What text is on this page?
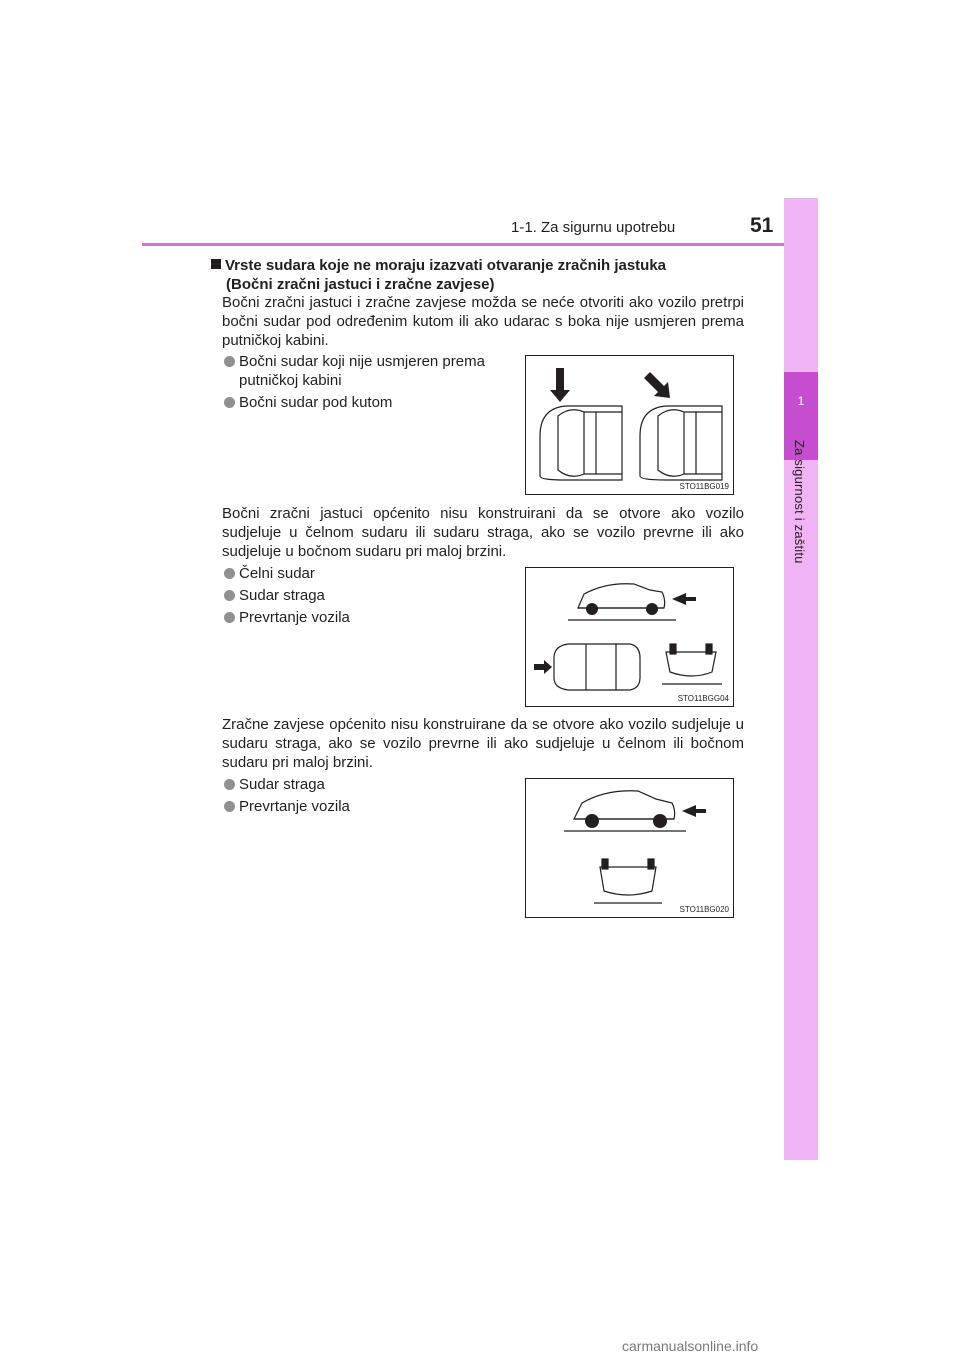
1-1. Za sigurnu upotrebu	51
1
Za sigurnost i zaštitu
Vrste sudara koje ne moraju izazvati otvaranje zračnih jastuka
(Bočni zračni jastuci i zračne zavjese)
Bočni zračni jastuci i zračne zavjese možda se neće otvoriti ako vozilo pretrpi bočni sudar pod određenim kutom ili ako udarac s boka nije usmjeren prema putničkoj kabini.
Bočni sudar koji nije usmjeren prema
putničkoj kabini
Bočni sudar pod kutom
STO11BG019
Bočni zračni jastuci općenito nisu konstruirani da se otvore ako vozilo sudjeluje u čelnom sudaru ili sudaru straga, ako se vozilo prevrne ili ako sudjeluje u bočnom sudaru pri maloj brzini.
Čelni sudar
Sudar straga
Prevrtanje vozila
STO11BGG04
Zračne zavjese općenito nisu konstruirane da se otvore ako vozilo sudjeluje u sudaru straga, ako se vozilo prevrne ili ako sudjeluje u čelnom ili bočnom sudaru pri maloj brzini.
Sudar straga
Prevrtanje vozila
STO11BG020
carmanualsonline.info
